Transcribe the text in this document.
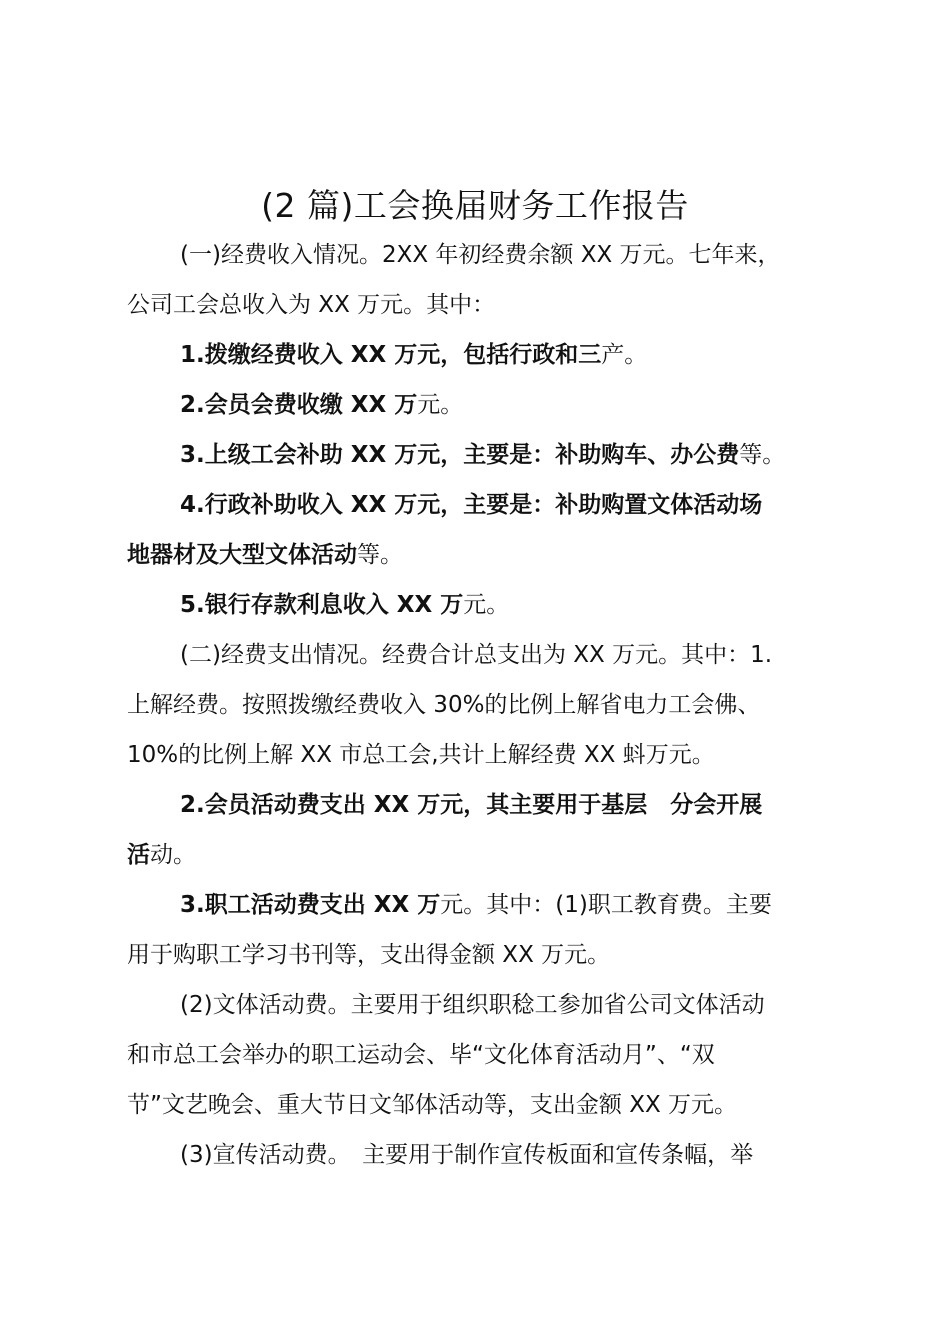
(2 篇)工会换届财务工作报告
(一)经费收入情况。2XX 年初经费余额 XX 万元。七年来，
公司工会总收入为 XX 万元。其中：
1.拨缴经费收入 XX 万元，包括行政和三产。
2.会员会费收缴 XX 万元。
3.上级工会补助 XX 万元，主要是：补助购车、办公费等。
4.行政补助收入 XX 万元，主要是：补助购置文体活动场
地器材及大型文体活动等。
5.银行存款利息收入 XX 万元。
(二)经费支出情况。经费合计总支出为 XX 万元。其中：1.
上解经费。按照拨缴经费收入 30%的比例上解省电力工会佛、
10%的比例上解 XX 市总工会,共计上解经费 XX 蚪万元。
2.会员活动费支出 XX 万元，其主要用于基层　分会开展
活动。
3.职工活动费支出 XX 万元。其中：(1)职工教育费。主要
用于购职工学习书刊等，支出得金额 XX 万元。
(2)文体活动费。主要用于组织职稔工参加省公司文体活动
和市总工会举办的职工运动会、毕“文化体育活动月”、“双
节”文艺晚会、重大节日文邹体活动等，支出金额 XX 万元。
(3)宣传活动费。　主要用于制作宣传板面和宣传条幅，举
